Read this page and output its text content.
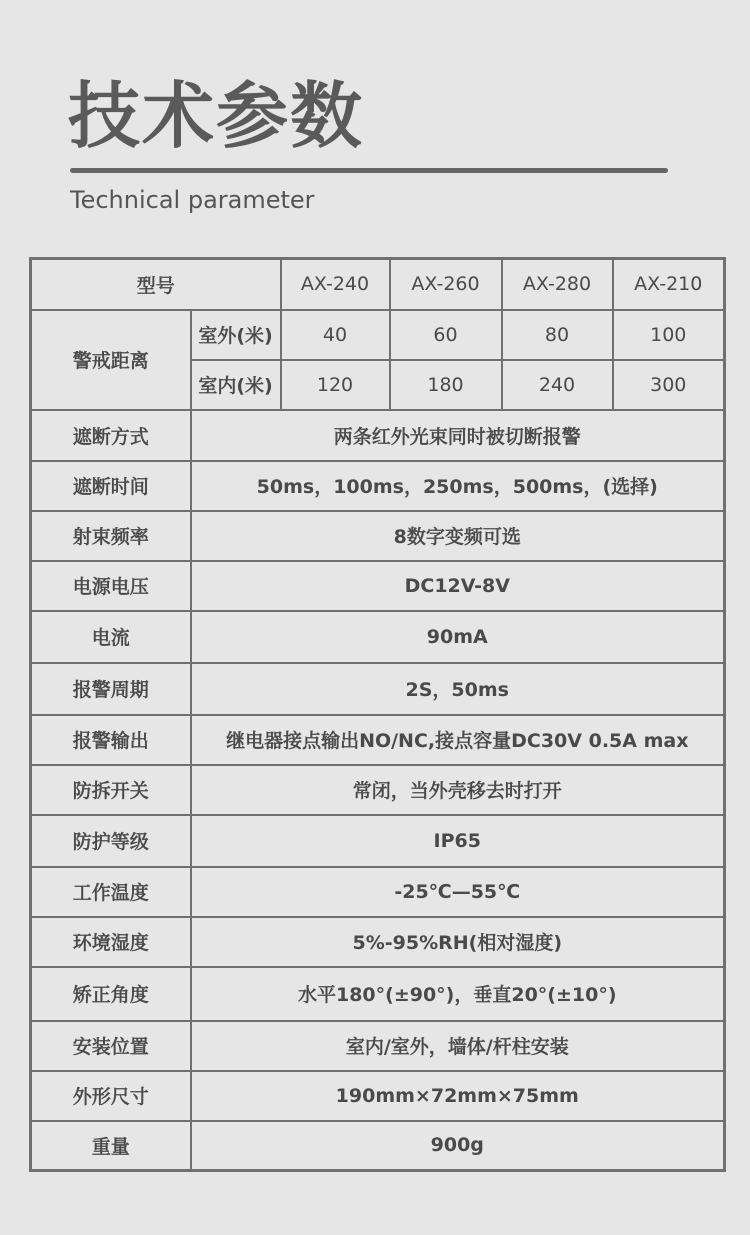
技术参数
Technical parameter
型号		AX-240	AX-260	AX-280	AX-210
警戒距离	室外(米)	40	60	80	100
	室内(米)	120	180	240	300
遮断方式	两条红外光束同时被切断报警				
遮断时间	50ms，100ms，250ms，500ms，(选择)				
射束频率	8数字变频可选				
电源电压	DC12V-8V				
电流	90mA				
报警周期	2S，50ms				
报警输出	继电器接点输出NO/NC,接点容量DC30V 0.5A max				
防拆开关	常闭，当外壳移去时打开				
防护等级	IP65				
工作温度	-25℃—55℃				
环境湿度	5%-95%RH(相对湿度)				
矫正角度	水平180°(±90°)，垂直20°(±10°)				
安装位置	室内/室外，墙体/杆柱安装				
外形尺寸	190mm×72mm×75mm				
重量	900g				
